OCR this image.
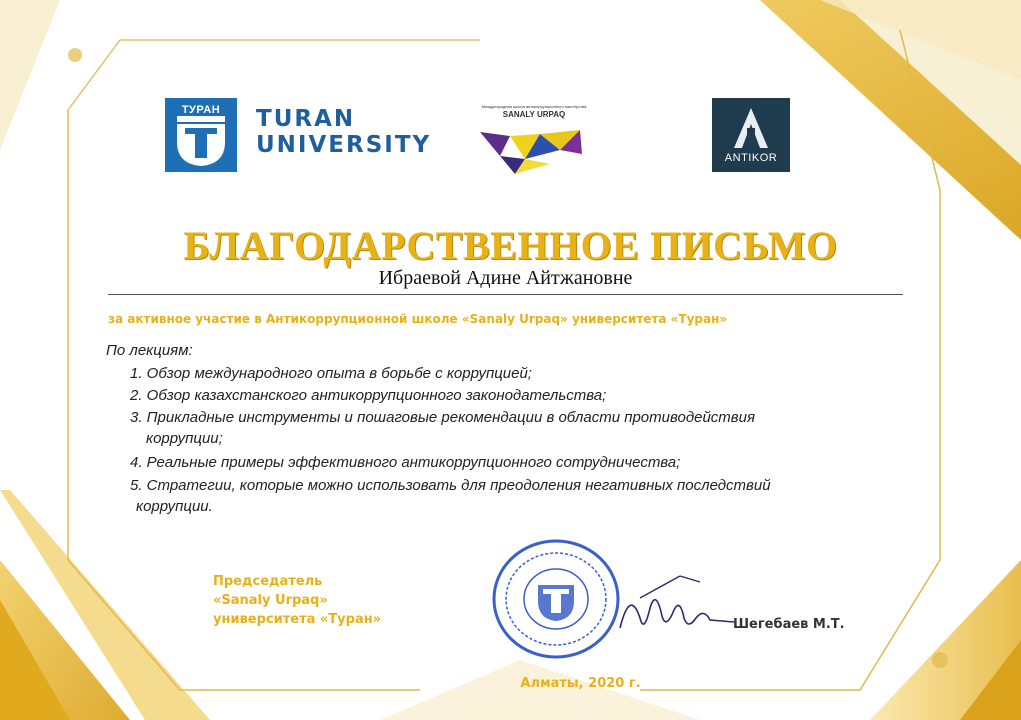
ТУРАН	TURAN
UNIVERSITY
Международная школа антикоррупционного мастерства
SANALY URPAQ
ANTIKOR
БЛАГОДАРСТВЕННОЕ ПИСЬМО
Ибраевой Адине Айтжановне
за активное участие в Антикоррупционной школе «Sanaly Urpaq» университета «Туран»
По лекциям:
1. Обзор международного опыта в борьбе с коррупцией;
2. Обзор казахстанского антикоррупционного законодательства;
3. Прикладные инструменты и пошаговые рекомендации в области противодействия
коррупции;
4. Реальные примеры эффективного антикоррупционного сотрудничества;
5. Стратегии, которые можно использовать для преодоления негативных последствий
коррупции.
Председатель
«Sanaly Urpaq»
университета «Туран»	Шегебаев М.Т.
Алматы, 2020 г.
